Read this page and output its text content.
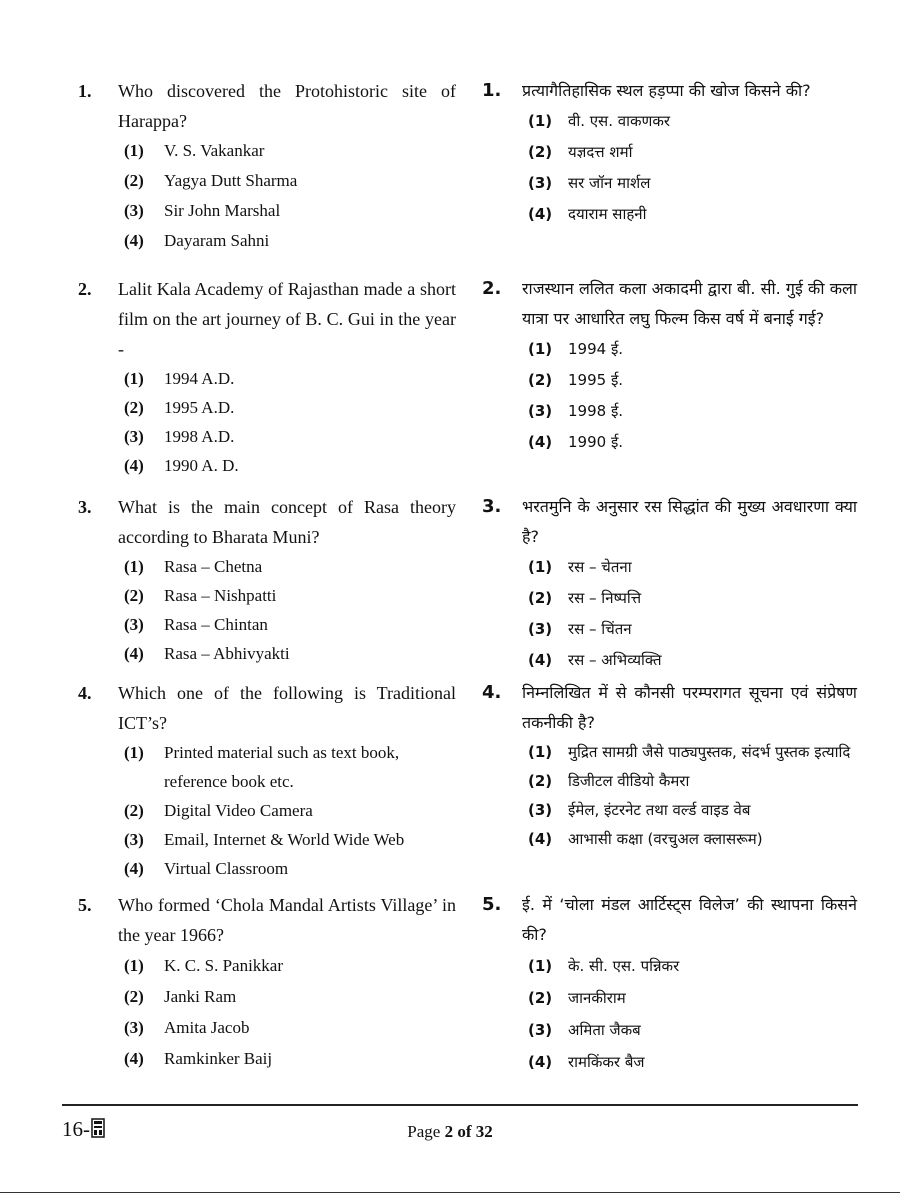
1. Who discovered the Protohistoric site of Harappa?
(1) V. S. Vakankar
(2) Yagya Dutt Sharma
(3) Sir John Marshal
(4) Dayaram Sahni
2. Lalit Kala Academy of Rajasthan made a short film on the art journey of B. C. Gui in the year -
(1) 1994 A.D.
(2) 1995 A.D.
(3) 1998 A.D.
(4) 1990 A. D.
3. What is the main concept of Rasa theory according to Bharata Muni?
(1) Rasa – Chetna
(2) Rasa – Nishpatti
(3) Rasa – Chintan
(4) Rasa – Abhivyakti
4. Which one of the following is Traditional ICT’s?
(1) Printed material such as text book, reference book etc.
(2) Digital Video Camera
(3) Email, Internet & World Wide Web
(4) Virtual Classroom
5. Who formed ‘Chola Mandal Artists Village’ in the year 1966?
(1) K. C. S. Panikkar
(2) Janki Ram
(3) Amita Jacob
(4) Ramkinker Baij
1. प्रत्यागैतिहासिक स्थल हड़प्पा की खोज किसने की?
(1) वी. एस. वाकणकर
(2) यज्ञदत्त शर्मा
(3) सर जॉन मार्शल
(4) दयाराम साहनी
2. राजस्थान ललित कला अकादमी द्वारा बी. सी. गुई की कला यात्रा पर आधारित लघु फिल्म किस वर्ष में बनाई गई?
(1) 1994 ई.
(2) 1995 ई.
(3) 1998 ई.
(4) 1990 ई.
3. भरतमुनि के अनुसार रस सिद्धांत की मुख्य अवधारणा क्या है?
(1) रस – चेतना
(2) रस – निष्पत्ति
(3) रस – चिंतन
(4) रस – अभिव्यक्ति
4. निम्नलिखित में से कौनसी परम्परागत सूचना एवं संप्रेषण तकनीकी है?
(1) मुद्रित सामग्री जैसे पाठ्यपुस्तक, संदर्भ पुस्तक इत्यादि
(2) डिजीटल वीडियो कैमरा
(3) ईमेल, इंटरनेट तथा वर्ल्ड वाइड वेब
(4) आभासी कक्षा (वरचुअल क्लासरूम)
5. ई. में ‘चोला मंडल आर्टिस्ट्स विलेज’ की स्थापना किसने की?
(1) के. सी. एस. पन्निकर
(2) जानकीराम
(3) अमिता जैकब
(4) रामकिंकर बैज
16-	Page 2 of 32
